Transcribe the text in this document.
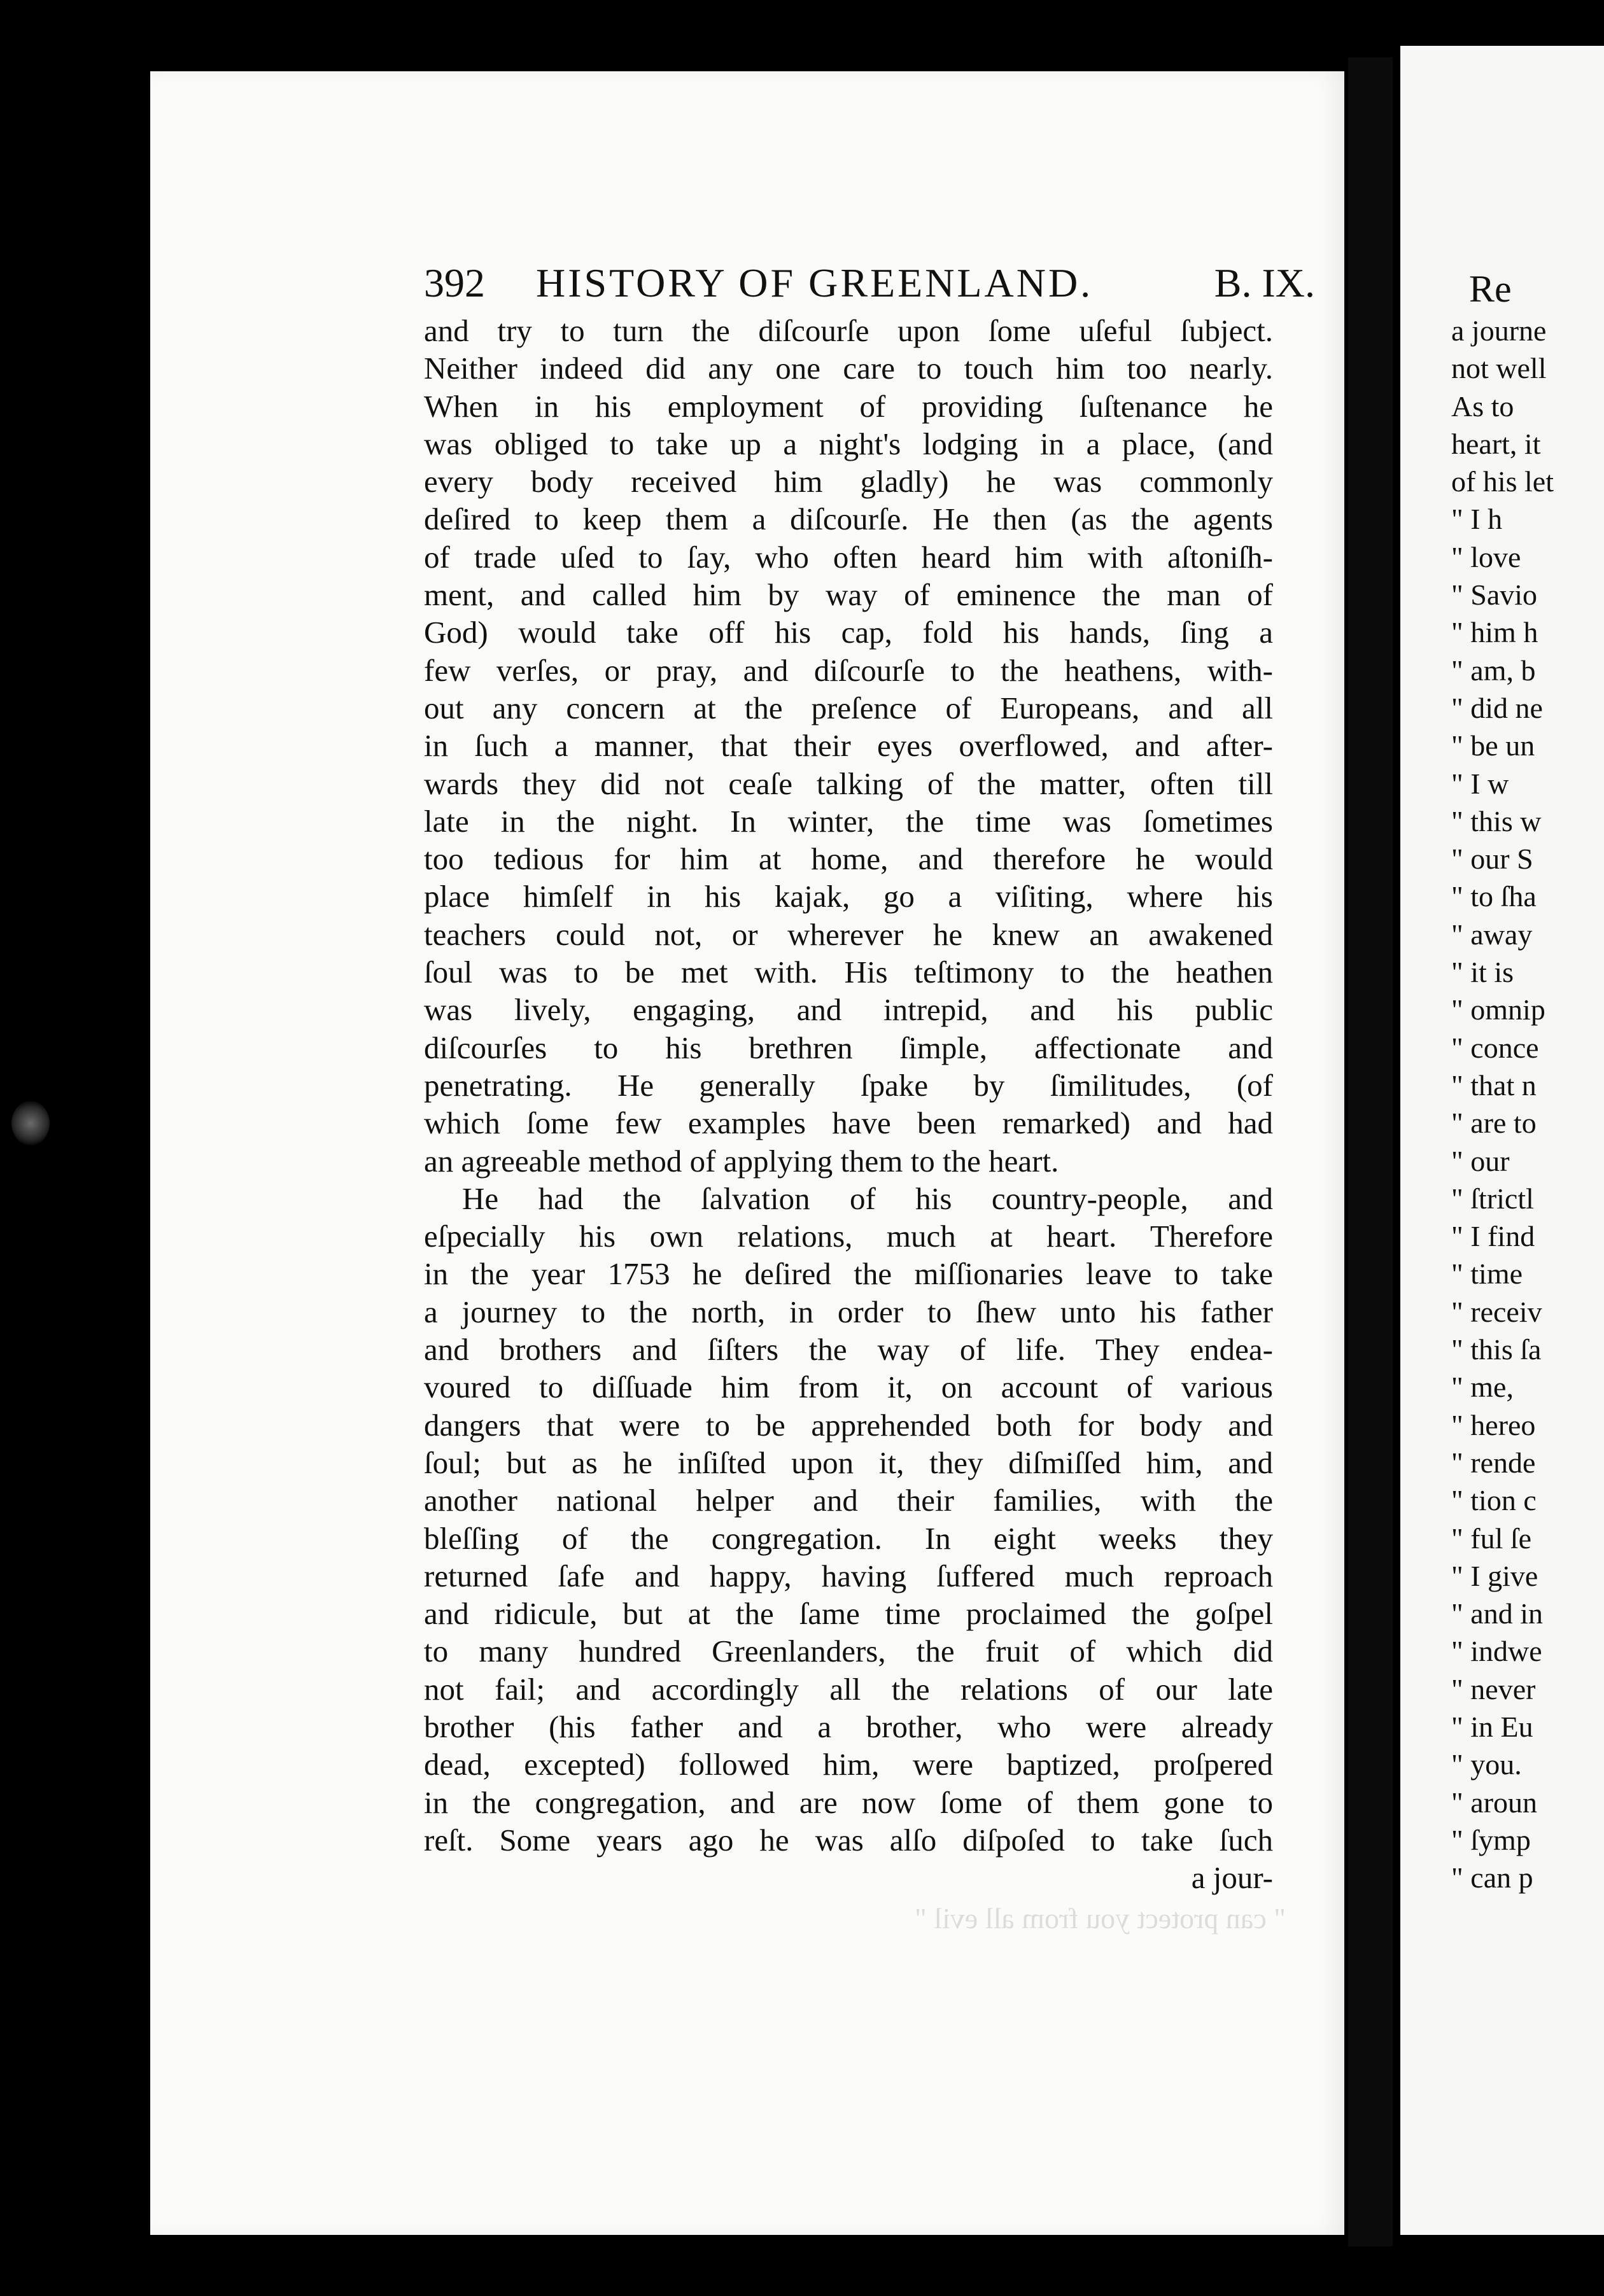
392 HISTORY OF GREENLAND.	B. IX.
and try to turn the diſcourſe upon ſome uſeful ſubject.
Neither indeed did any one care to touch him too nearly.
When in his employment of providing ſuſtenance he
was obliged to take up a night's lodging in a place, (and
every body received him gladly) he was commonly
deſired to keep them a diſcourſe. He then (as the agents
of trade uſed to ſay, who often heard him with aſtoniſh-
ment, and called him by way of eminence the man of
God) would take off his cap, fold his hands, ſing a
few verſes, or pray, and diſcourſe to the heathens, with-
out any concern at the preſence of Europeans, and all
in ſuch a manner, that their eyes overflowed, and after-
wards they did not ceaſe talking of the matter, often till
late in the night. In winter, the time was ſometimes
too tedious for him at home, and therefore he would
place himſelf in his kajak, go a viſiting, where his
teachers could not, or wherever he knew an awakened
ſoul was to be met with. His teſtimony to the heathen
was lively, engaging, and intrepid, and his public
diſcourſes to his brethren ſimple, affectionate and
penetrating. He generally ſpake by ſimilitudes, (of
which ſome few examples have been remarked) and had
an agreeable method of applying them to the heart.
He had the ſalvation of his country-people, and
eſpecially his own relations, much at heart. Therefore
in the year 1753 he deſired the miſſionaries leave to take
a journey to the north, in order to ſhew unto his father
and brothers and ſiſters the way of life. They endea-
voured to diſſuade him from it, on account of various
dangers that were to be apprehended both for body and
ſoul; but as he inſiſted upon it, they diſmiſſed him, and
another national helper and their families, with the
bleſſing of the congregation. In eight weeks they
returned ſafe and happy, having ſuffered much reproach
and ridicule, but at the ſame time proclaimed the goſpel
to many hundred Greenlanders, the fruit of which did
not fail; and accordingly all the relations of our late
brother (his father and a brother, who were already
dead, excepted) followed him, were baptized, proſpered
in the congregation, and are now ſome of them gone to
reſt. Some years ago he was alſo diſpoſed to take ſuch
a jour-
" can protect you from all evil "
Re
a journe
not well
As to
heart, it
of his let
" I h
" love
" Savio
" him h
" am, b
" did ne
" be un
" I w
" this w
" our S
" to ſha
" away
" it is
" omnip
" conce
" that n
" are to
" our
" ſtrictl
" I find
" time
" receiv
" this ſa
" me,
" hereo
" rende
" tion c
" ful ſe
" I give
" and in
" indwe
" never
" in Eu
" you.
" aroun
" ſymp
" can p
